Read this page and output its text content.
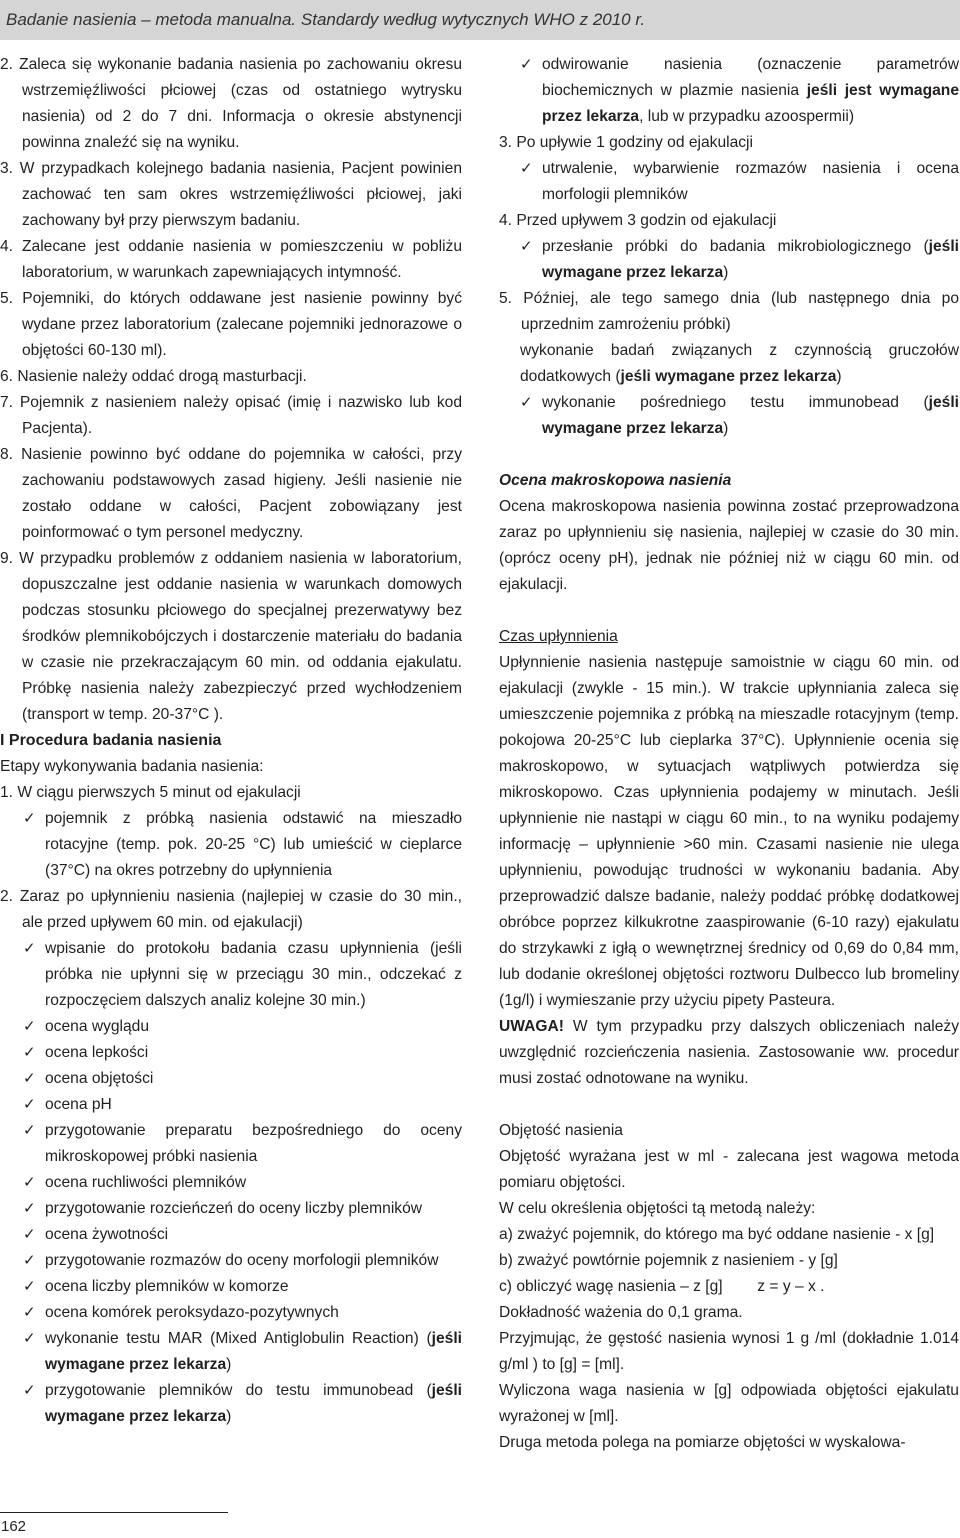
Badanie nasienia – metoda manualna. Standardy według wytycznych WHO z 2010 r.

2. Zaleca się wykonanie badania nasienia po zachowaniu okresu wstrzemięźliwości płciowej (czas od ostatniego wytrysku nasienia) od 2 do 7 dni. Informacja o okresie abstynencji powinna znaleźć się na wyniku.

3. W przypadkach kolejnego badania nasienia, Pacjent powinien zachować ten sam okres wstrzemięźliwości płciowej, jaki zachowany był przy pierwszym badaniu.

4. Zalecane jest oddanie nasienia w pomieszczeniu w pobliżu laboratorium, w warunkach zapewniających intymność.

5. Pojemniki, do których oddawane jest nasienie powinny być wydane przez laboratorium (zalecane pojemniki jednorazowe o objętości 60-130 ml).

6. Nasienie należy oddać drogą masturbacji.

7. Pojemnik z nasieniem należy opisać (imię i nazwisko lub kod Pacjenta).

8. Nasienie powinno być oddane do pojemnika w całości, przy zachowaniu podstawowych zasad higieny. Jeśli nasienie nie zostało oddane w całości, Pacjent zobowiązany jest poinformować o tym personel medyczny.

9. W przypadku problemów z oddaniem nasienia w laboratorium, dopuszczalne jest oddanie nasienia w warunkach domowych podczas stosunku płciowego do specjalnej prezerwatywy bez środków plemnikobójczych i dostarczenie materiału do badania w czasie nie przekraczającym 60 min. od oddania ejakulatu. Próbkę nasienia należy zabezpieczyć przed wychłodzeniem (transport w temp. 20-37°C ).

I Procedura badania nasienia

Etapy wykonywania badania nasienia:

1. W ciągu pierwszych 5 minut od ejakulacji

✓ pojemnik z próbką nasienia odstawić na mieszadło rotacyjne (temp. pok. 20-25 °C) lub umieścić w cieplarce (37°C) na okres potrzebny do upłynnienia

2. Zaraz po upłynnieniu nasienia (najlepiej w czasie do 30 min., ale przed upływem 60 min. od ejakulacji)

✓ wpisanie do protokołu badania czasu upłynnienia (jeśli próbka nie upłynni się w przeciągu 30 min., odczekać z rozpoczęciem dalszych analiz kolejne 30 min.)

✓ ocena wyglądu

✓ ocena lepkości

✓ ocena objętości

✓ ocena pH

✓ przygotowanie preparatu bezpośredniego do oceny mikroskopowej próbki nasienia

✓ ocena ruchliwości plemników

✓ przygotowanie rozcieńczeń do oceny liczby plemników

✓ ocena żywotności

✓ przygotowanie rozmazów do oceny morfologii plemników

✓ ocena liczby plemników w komorze

✓ ocena komórek peroksydazo-pozytywnych

✓ wykonanie testu MAR (Mixed Antiglobulin Reaction) (jeśli wymagane przez lekarza)

✓ przygotowanie plemników do testu immunobead (jeśli wymagane przez lekarza)

✓ odwirowanie nasienia (oznaczenie parametrów biochemicznych w plazmie nasienia jeśli jest wymagane przez lekarza, lub w przypadku azoospermii)

3. Po upływie 1 godziny od ejakulacji

✓ utrwalenie, wybarwienie rozmazów nasienia i ocena morfologii plemników

4. Przed upływem 3 godzin od ejakulacji

✓ przesłanie próbki do badania mikrobiologicznego (jeśli wymagane przez lekarza)

5. Później, ale tego samego dnia (lub następnego dnia po uprzednim zamrożeniu próbki)

wykonanie badań związanych z czynnością gruczołów dodatkowych (jeśli wymagane przez lekarza)

✓ wykonanie pośredniego testu immunobead (jeśli wymagane przez lekarza)

Ocena makroskopowa nasienia

Ocena makroskopowa nasienia powinna zostać przeprowadzona zaraz po upłynnieniu się nasienia, najlepiej w czasie do 30 min. (oprócz oceny pH), jednak nie później niż w ciągu 60 min. od ejakulacji.

Czas upłynnienia

Upłynnienie nasienia następuje samoistnie w ciągu 60 min. od ejakulacji (zwykle - 15 min.). W trakcie upłynniania zaleca się umieszczenie pojemnika z próbką na mieszadle rotacyjnym (temp. pokojowa 20-25°C lub cieplarka 37°C). Upłynnienie ocenia się makroskopowo, w sytuacjach wątpliwych potwierdza się mikroskopowo. Czas upłynnienia podajemy w minutach. Jeśli upłynnienie nie nastąpi w ciągu 60 min., to na wyniku podajemy informację – upłynnienie >60 min. Czasami nasienie nie ulega upłynnieniu, powodując trudności w wykonaniu badania. Aby przeprowadzić dalsze badanie, należy poddać próbkę dodatkowej obróbce poprzez kilkukrotne zaaspirowanie (6-10 razy) ejakulatu do strzykawki z igłą o wewnętrznej średnicy od 0,69 do 0,84 mm, lub dodanie określonej objętości roztworu Dulbecco lub bromeliny (1g/l) i wymieszanie przy użyciu pipety Pasteura.

UWAGA! W tym przypadku przy dalszych obliczeniach należy uwzględnić rozcieńczenia nasienia. Zastosowanie ww. procedur musi zostać odnotowane na wyniku.

Objętość nasienia

Objętość wyrażana jest w ml - zalecana jest wagowa metoda pomiaru objętości.

W celu określenia objętości tą metodą należy:

a) zważyć pojemnik, do którego ma być oddane nasienie - x [g]

b) zważyć powtórnie pojemnik z nasieniem - y [g]

c) obliczyć wagę nasienia – z [g]        z = y – x .

Dokładność ważenia do 0,1 grama.

Przyjmując, że gęstość nasienia wynosi 1 g /ml (dokładnie 1.014 g/ml ) to [g] = [ml].

Wyliczona waga nasienia w [g] odpowiada objętości ejakulatu wyrażonej w [ml].

Druga metoda polega na pomiarze objętości w wyskalowa-

162
